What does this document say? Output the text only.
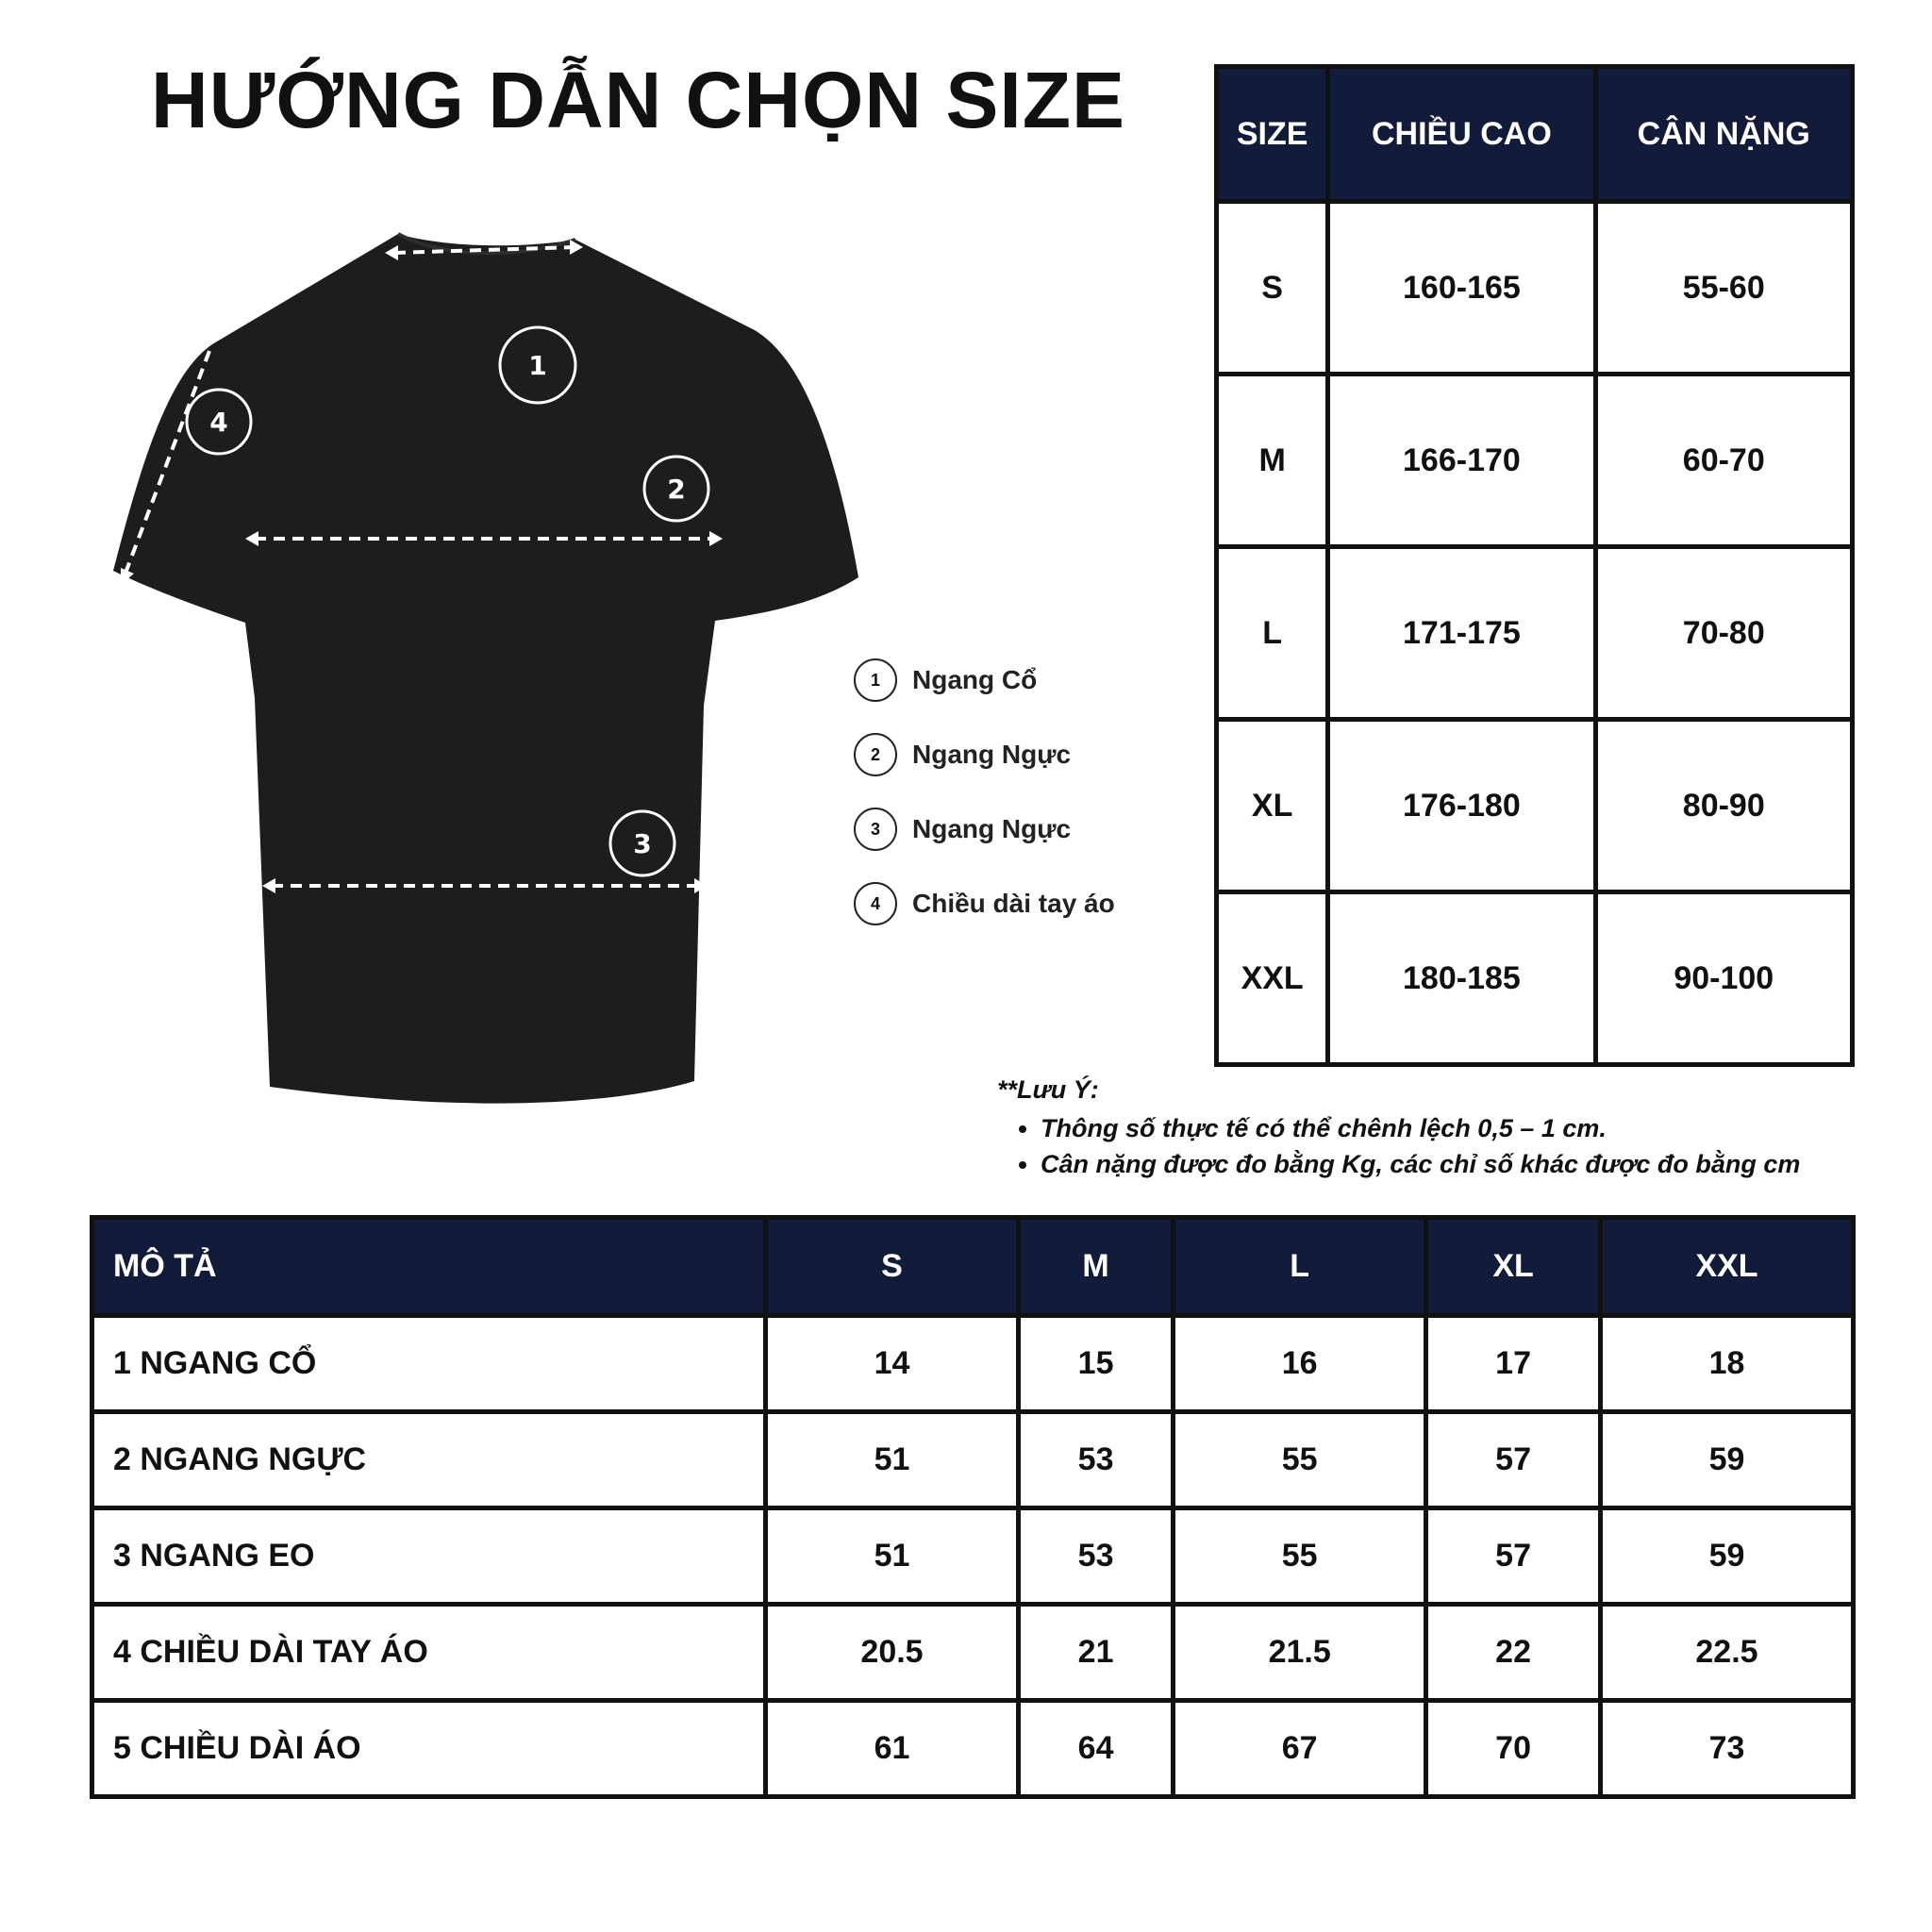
HƯỚNG DẪN CHỌN SIZE
1
2
3
4
1	Ngang Cổ
2	Ngang Ngực
3	Ngang Ngực
4	Chiều dài tay áo
SIZE	CHIỀU CAO	CÂN NẶNG
S	160-165	55-60
M	166-170	60-70
L	171-175	70-80
XL	176-180	80-90
XXL	180-185	90-100
**Lưu Ý:
• Thông số thực tế có thể chênh lệch 0,5 – 1 cm.
• Cân nặng được đo bằng Kg, các chỉ số khác được đo bằng cm
MÔ TẢ	S	M	L	XL	XXL
1 NGANG CỔ	14	15	16	17	18
2 NGANG NGỰC	51	53	55	57	59
3 NGANG EO	51	53	55	57	59
4 CHIỀU DÀI TAY ÁO	20.5	21	21.5	22	22.5
5 CHIỀU DÀI ÁO	61	64	67	70	73
